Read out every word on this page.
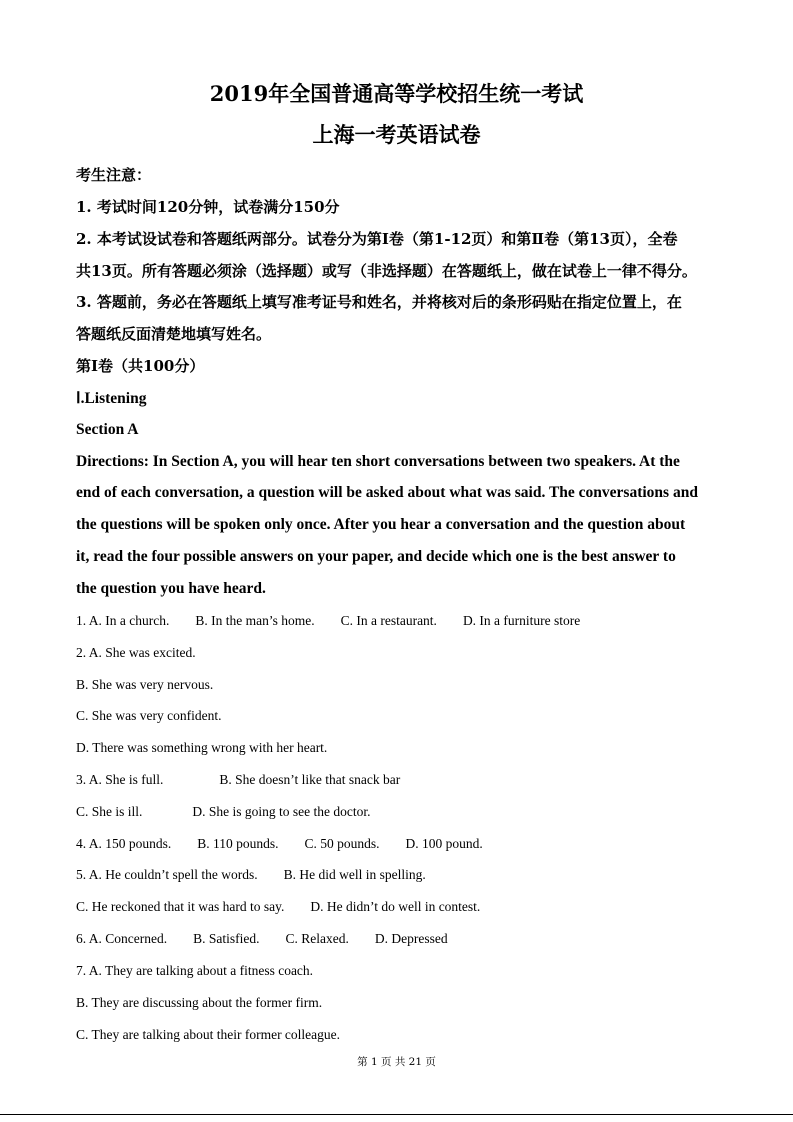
2019年全国普通高等学校招生统一考试
上海一考英语试卷
考生注意：
1. 考试时间120分钟，试卷满分150分
2. 本考试设试卷和答题纸两部分。试卷分为第Ⅰ卷（第1-12页）和第Ⅱ卷（第13页），全卷
共13页。所有答题必须涂（选择题）或写（非选择题）在答题纸上，做在试卷上一律不得分。
3. 答题前，务必在答题纸上填写准考证号和姓名，并将核对后的条形码贴在指定位置上，在
答题纸反面清楚地填写姓名。
第Ⅰ卷（共100分）
Ⅰ.Listening
Section A
Directions: In Section A, you will hear ten short conversations between two speakers. At the
end of each conversation, a question will be asked about what was said. The conversations and
the questions will be spoken only once. After you hear a conversation and the question about
it, read the four possible answers on your paper, and decide which one is the best answer to
the question you have heard.
1. A. In a church. B. In the man’s home. C. In a restaurant. D. In a furniture store
2. A. She was excited.
B. She was very nervous.
C. She was very confident.
D. There was something wrong with her heart.
3. A. She is full.	B. She doesn’t like that snack bar
C. She is ill.	D. She is going to see the doctor.
4. A. 150 pounds. B. 110 pounds. C. 50 pounds. D. 100 pound.
5. A. He couldn’t spell the words. B. He did well in spelling.
C. He reckoned that it was hard to say. D. He didn’t do well in contest.
6. A. Concerned. B. Satisfied. C. Relaxed. D. Depressed
7. A. They are talking about a fitness coach.
B. They are discussing about the former firm.
C. They are talking about their former colleague.
第 1 页 共 21 页
